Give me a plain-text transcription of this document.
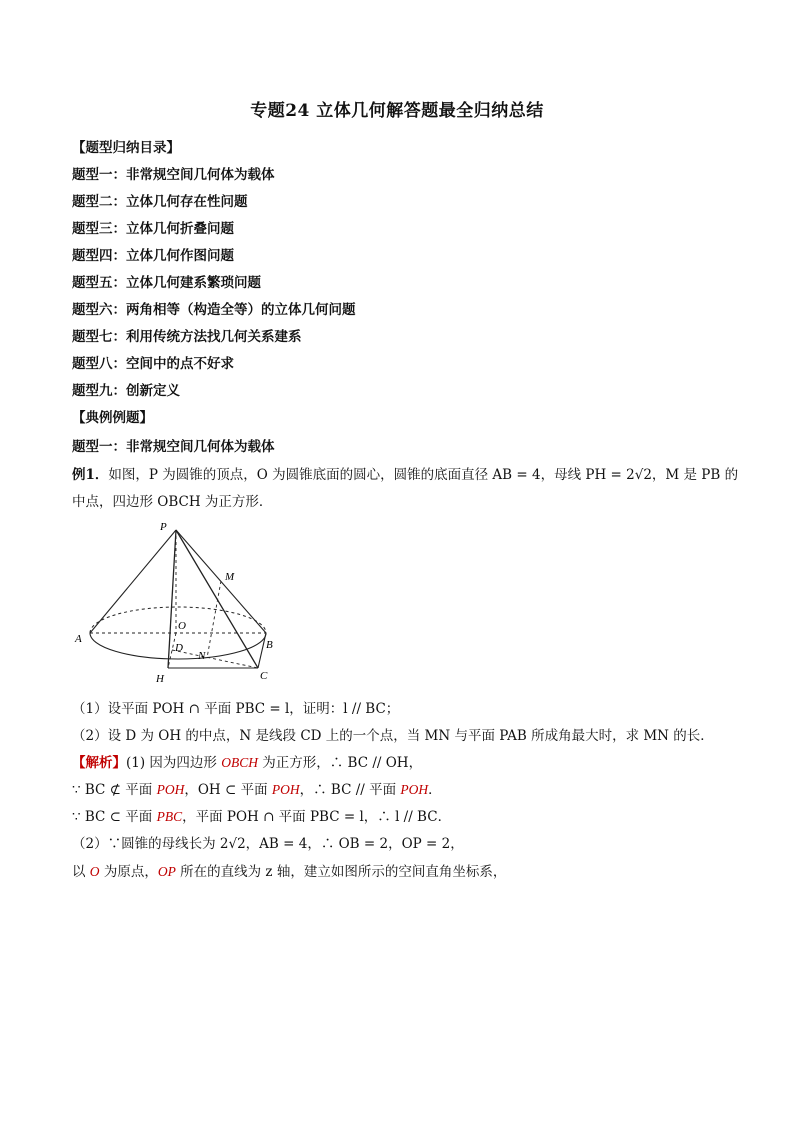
专题24 立体几何解答题最全归纳总结
【题型归纳目录】
题型一：非常规空间几何体为载体
题型二：立体几何存在性问题
题型三：立体几何折叠问题
题型四：立体几何作图问题
题型五：立体几何建系繁琐问题
题型六：两角相等（构造全等）的立体几何问题
题型七：利用传统方法找几何关系建系
题型八：空间中的点不好求
题型九：创新定义
【典例例题】
题型一：非常规空间几何体为载体
例1．如图，P 为圆锥的顶点，O 为圆锥底面的圆心，圆锥的底面直径 AB = 4，母线 PH = 2√2，M 是 PB 的
中点，四边形 OBCH 为正方形．
P
M
O
A	B
D
N
H	C
（1）设平面 POH ∩ 平面 PBC = l，证明：l // BC；
（2）设 D 为 OH 的中点，N 是线段 CD 上的一个点，当 MN 与平面 PAB 所成角最大时，求 MN 的长．
【解析】(1) 因为四边形 OBCH 为正方形，∴ BC // OH，
∵ BC ⊄ 平面 POH，OH ⊂ 平面 POH，∴ BC // 平面 POH．
∵ BC ⊂ 平面 PBC，平面 POH ∩ 平面 PBC = l，∴ l // BC．
（2）∵圆锥的母线长为 2√2，AB = 4，∴ OB = 2，OP = 2，
以 O 为原点，OP 所在的直线为 z 轴，建立如图所示的空间直角坐标系，
